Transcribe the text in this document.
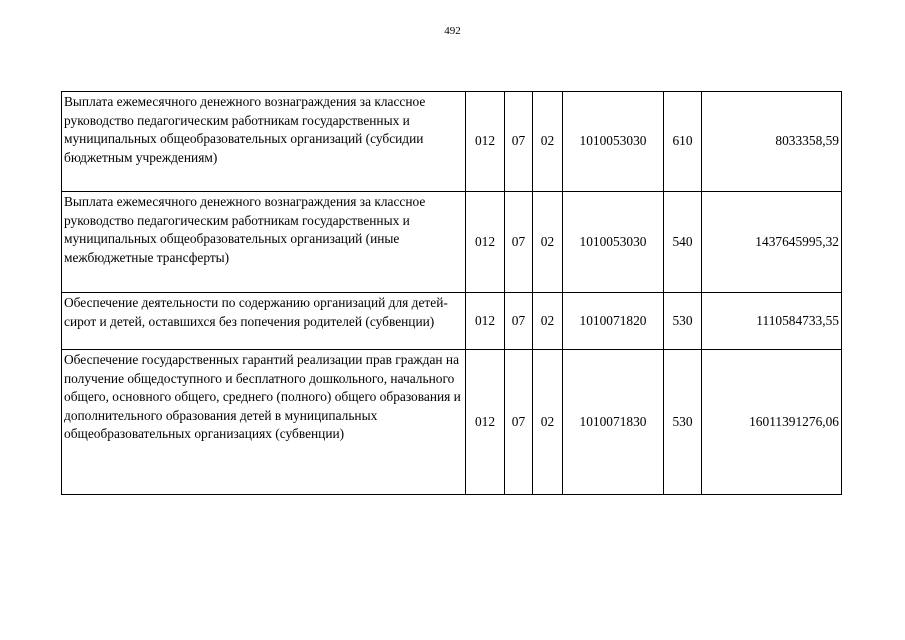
492
Выплата ежемесячного денежного вознаграждения за классное руководство педагогическим работникам государственных и муниципальных общеобразовательных организаций (субсидии бюджетным учреждениям)	012	07	02	1010053030	610	8033358,59
Выплата ежемесячного денежного вознаграждения за классное руководство педагогическим работникам государственных и муниципальных общеобразовательных организаций (иные межбюджетные трансферты)	012	07	02	1010053030	540	1437645995,32
Обеспечение деятельности по содержанию организаций для детей-сирот и детей, оставшихся без попечения родителей (субвенции)	012	07	02	1010071820	530	1110584733,55
Обеспечение государственных гарантий реализации прав граждан на получение общедоступного и бесплатного дошкольного, начального общего, основного общего, среднего (полного) общего образования и дополнительного образования детей в муниципальных общеобразовательных организациях (субвенции)	012	07	02	1010071830	530	16011391276,06
